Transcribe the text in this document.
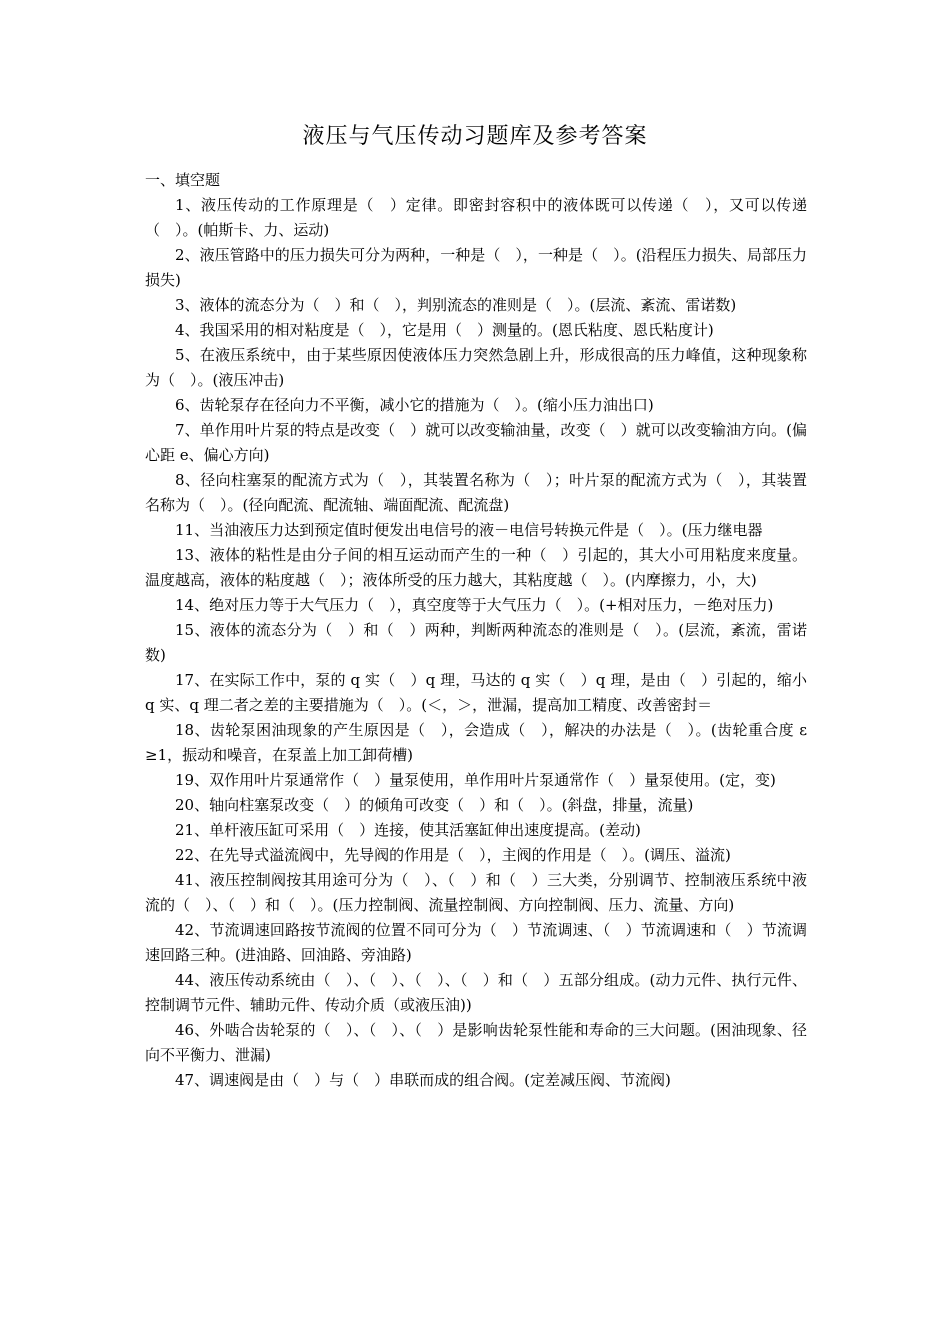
液压与气压传动习题库及参考答案

一、填空题

1、液压传动的工作原理是（　）定律。即密封容积中的液体既可以传递（　），又可以传递（　）。(帕斯卡、力、运动)

2、液压管路中的压力损失可分为两种，一种是（　），一种是（　）。(沿程压力损失、局部压力损失)

3、液体的流态分为（　）和（　），判别流态的准则是（　）。(层流、紊流、雷诺数)

4、我国采用的相对粘度是（　），它是用（　）测量的。(恩氏粘度、恩氏粘度计)

5、在液压系统中，由于某些原因使液体压力突然急剧上升，形成很高的压力峰值，这种现象称为（　）。(液压冲击)

6、齿轮泵存在径向力不平衡，减小它的措施为（　）。(缩小压力油出口)

7、单作用叶片泵的特点是改变（　）就可以改变输油量，改变（　）就可以改变输油方向。(偏心距 e、偏心方向)

8、径向柱塞泵的配流方式为（　），其装置名称为（　）；叶片泵的配流方式为（　），其装置名称为（　）。(径向配流、配流轴、端面配流、配流盘)

11、当油液压力达到预定值时便发出电信号的液－电信号转换元件是（　）。(压力继电器

13、液体的粘性是由分子间的相互运动而产生的一种（　）引起的，其大小可用粘度来度量。温度越高，液体的粘度越（　）；液体所受的压力越大，其粘度越（　）。(内摩擦力，小，大)

14、绝对压力等于大气压力（　），真空度等于大气压力（　）。(+相对压力，－绝对压力)

15、液体的流态分为（　）和（　）两种，判断两种流态的准则是（　）。(层流，紊流，雷诺数)

17、在实际工作中，泵的 q 实（　）q 理，马达的 q 实（　）q 理，是由（　）引起的，缩小 q 实、q 理二者之差的主要措施为（　）。(＜，＞，泄漏，提高加工精度、改善密封＝

18、齿轮泵困油现象的产生原因是（　），会造成（　），解决的办法是（　）。(齿轮重合度 ε ≥1，振动和噪音，在泵盖上加工卸荷槽)

19、双作用叶片泵通常作（　）量泵使用，单作用叶片泵通常作（　）量泵使用。(定，变)

20、轴向柱塞泵改变（　）的倾角可改变（　）和（　）。(斜盘，排量，流量)

21、单杆液压缸可采用（　）连接，使其活塞缸伸出速度提高。(差动)

22、在先导式溢流阀中，先导阀的作用是（　），主阀的作用是（　）。(调压、溢流)

41、液压控制阀按其用途可分为（　）、（　）和（　）三大类，分别调节、控制液压系统中液流的（　）、（　）和（　）。(压力控制阀、流量控制阀、方向控制阀、压力、流量、方向)

42、节流调速回路按节流阀的位置不同可分为（　）节流调速、（　）节流调速和（　）节流调速回路三种。(进油路、回油路、旁油路)

44、液压传动系统由（　）、（　）、（　）、（　）和（　）五部分组成。(动力元件、执行元件、控制调节元件、辅助元件、传动介质（或液压油))

46、外啮合齿轮泵的（　）、（　）、（　）是影响齿轮泵性能和寿命的三大问题。(困油现象、径向不平衡力、泄漏)

47、调速阀是由（　）与（　）串联而成的组合阀。(定差减压阀、节流阀)
